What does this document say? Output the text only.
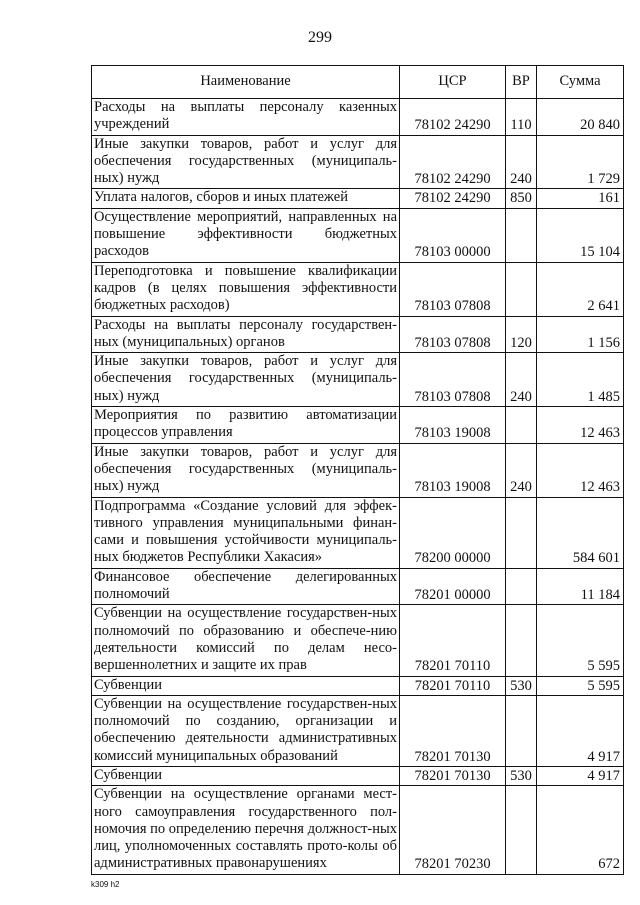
299
Наименование	ЦСР	ВР	Сумма
Расходы на выплаты персоналу казенных учреждений	78102 24290	110	20 840
Иные закупки товаров, работ и услуг для обеспечения государственных (муниципаль-ных) нужд	78102 24290	240	1 729
Уплата налогов, сборов и иных платежей	78102 24290	850	161
Осуществление мероприятий, направленных на повышение эффективности бюджетных расходов	78103 00000		15 104
Переподготовка и повышение квалификации кадров (в целях повышения эффективности бюджетных расходов)	78103 07808		2 641
Расходы на выплаты персоналу государствен-ных (муниципальных) органов	78103 07808	120	1 156
Иные закупки товаров, работ и услуг для обеспечения государственных (муниципаль-ных) нужд	78103 07808	240	1 485
Мероприятия по развитию автоматизации процессов управления	78103 19008		12 463
Иные закупки товаров, работ и услуг для обеспечения государственных (муниципаль-ных) нужд	78103 19008	240	12 463
Подпрограмма «Создание условий для эффек-тивного управления муниципальными финан-сами и повышения устойчивости муниципаль-ных бюджетов Республики Хакасия»	78200 00000		584 601
Финансовое обеспечение делегированных полномочий	78201 00000		11 184
Субвенции на осуществление государствен-ных полномочий по образованию и обеспече-нию деятельности комиссий по делам несо-вершеннолетних и защите их прав	78201 70110		5 595
Субвенции	78201 70110	530	5 595
Субвенции на осуществление государствен-ных полномочий по созданию, организации и обеспечению деятельности административных комиссий муниципальных образований	78201 70130		4 917
Субвенции	78201 70130	530	4 917
Субвенции на осуществление органами мест-ного самоуправления государственного пол-номочия по определению перечня должност-ных лиц, уполномоченных составлять прото-колы об административных правонарушениях	78201 70230		672
k309 h2
